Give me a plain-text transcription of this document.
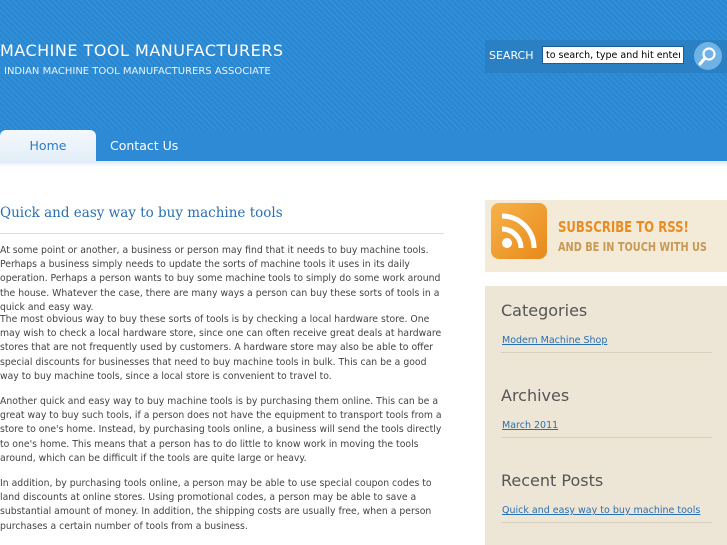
MACHINE TOOL MANUFACTURERS
INDIAN MACHINE TOOL MANUFACTURERS ASSOCIATE
SEARCH
to search, type and hit enter
Home	Contact Us
Quick and easy way to buy machine tools

At some point or another, a business or person may find that it needs to buy machine tools. Perhaps a business simply needs to update the sorts of machine tools it uses in its daily operation. Perhaps a person wants to buy some machine tools to simply do some work around the house. Whatever the case, there are many ways a person can buy these sorts of tools in a quick and easy way.

The most obvious way to buy these sorts of tools is by checking a local hardware store. One may wish to check a local hardware store, since one can often receive great deals at hardware stores that are not frequently used by customers. A hardware store may also be able to offer special discounts for businesses that need to buy machine tools in bulk. This can be a good way to buy machine tools, since a local store is convenient to travel to.

Another quick and easy way to buy machine tools is by purchasing them online. This can be a great way to buy such tools, if a person does not have the equipment to transport tools from a store to one's home. Instead, by purchasing tools online, a business will send the tools directly to one's home. This means that a person has to do little to know work in moving the tools around, which can be difficult if the tools are quite large or heavy.

In addition, by purchasing tools online, a person may be able to use special coupon codes to land discounts at online stores. Using promotional codes, a person may be able to save a substantial amount of money. In addition, the shipping costs are usually free, when a person purchases a certain number of tools from a business.

SUBSCRIBE TO RSS!
AND BE IN TOUCH WITH US
Categories
Modern Machine Shop
Archives
March 2011
Recent Posts
Quick and easy way to buy machine tools
